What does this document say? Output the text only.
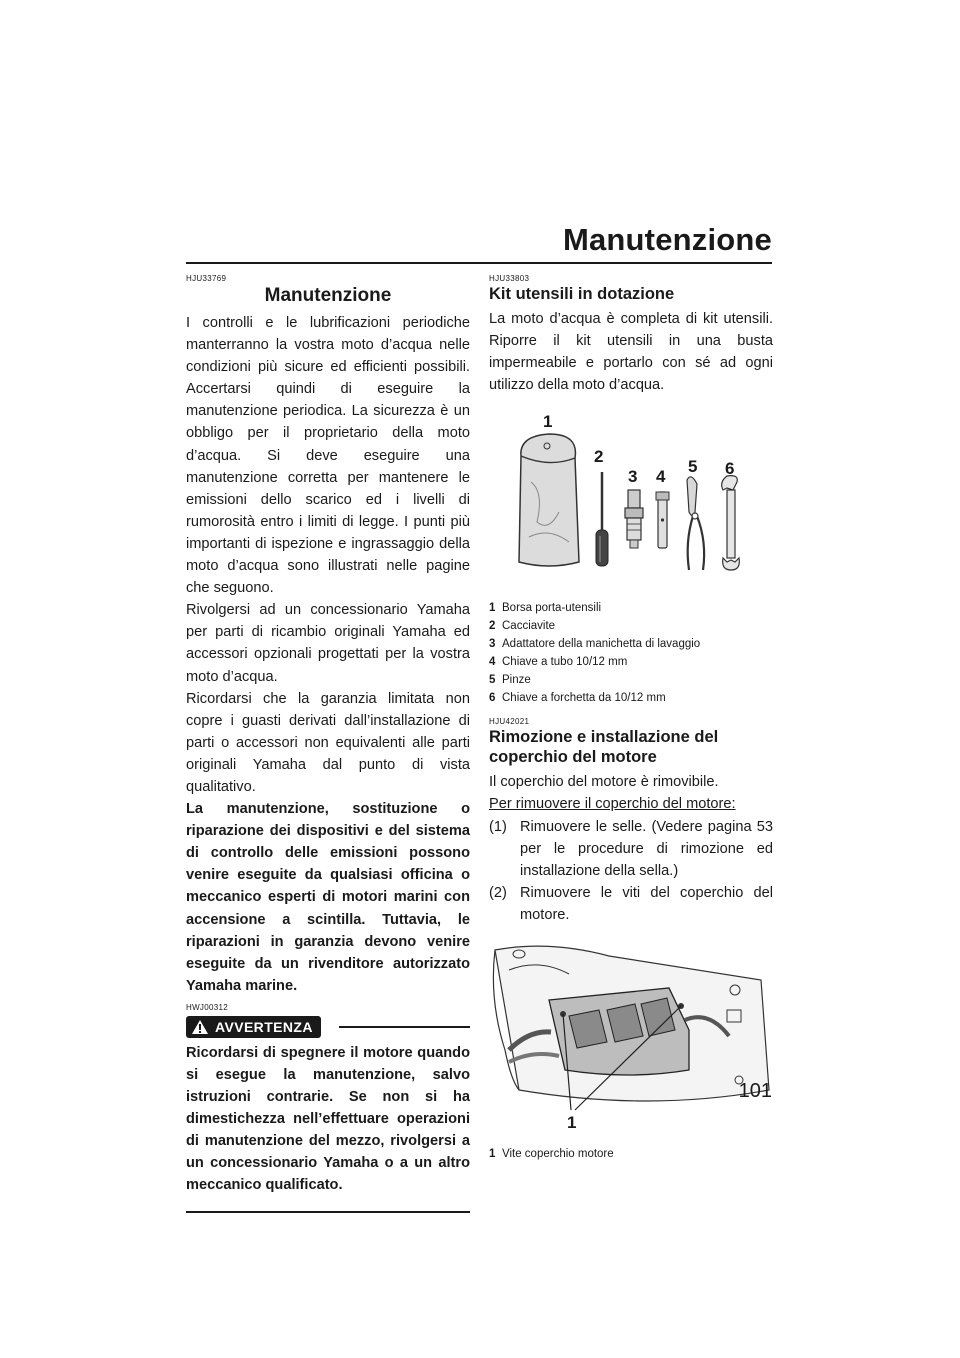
Manutenzione
HJU33769
Manutenzione

I controlli e le lubrificazioni periodiche manterranno la vostra moto d’acqua nelle condizioni più sicure ed efficienti possibili. Accertarsi quindi di eseguire la manutenzione periodica. La sicurezza è un obbligo per il proprietario della moto d’acqua. Si deve eseguire una manutenzione corretta per mantenere le emissioni dello scarico ed i livelli di rumorosità entro i limiti di legge. I punti più importanti di ispezione e ingrassaggio della moto d’acqua sono illustrati nelle pagine che seguono.

Rivolgersi ad un concessionario Yamaha per parti di ricambio originali Yamaha ed accessori opzionali progettati per la vostra moto d’acqua.

Ricordarsi che la garanzia limitata non copre i guasti derivati dall’installazione di parti o accessori non equivalenti alle parti originali Yamaha dal punto di vista qualitativo.

La manutenzione, sostituzione o riparazione dei dispositivi e del sistema di controllo delle emissioni possono venire eseguite da qualsiasi officina o meccanico esperti di motori marini con accensione a scintilla. Tuttavia, le riparazioni in garanzia devono venire eseguite da un rivenditore autorizzato Yamaha marine.

HWJ00312
AVVERTENZA

Ricordarsi di spegnere il motore quando si esegue la manutenzione, salvo istruzioni contrarie. Se non si ha dimestichezza nell’effettuare operazioni di manutenzione del mezzo, rivolgersi a un concessionario Yamaha o a un altro meccanico qualificato.

HJU33803
Kit utensili in dotazione

La moto d’acqua è completa di kit utensili. Riporre il kit utensili in una busta impermeabile e portarlo con sé ad ogni utilizzo della moto d’acqua.

1
2
3 4
5 6
1 Borsa porta-utensili
2 Cacciavite
3 Adattatore della manichetta di lavaggio
4 Chiave a tubo 10/12 mm
5 Pinze
6 Chiave a forchetta da 10/12 mm
HJU42021
Rimozione e installazione del coperchio del motore

Il coperchio del motore è rimovibile.

Per rimuovere il coperchio del motore:

(1) Rimuovere le selle. (Vedere pagina 53 per le procedure di rimozione ed installazione della sella.)
(2) Rimuovere le viti del coperchio del motore.
1
1 Vite coperchio motore
101
